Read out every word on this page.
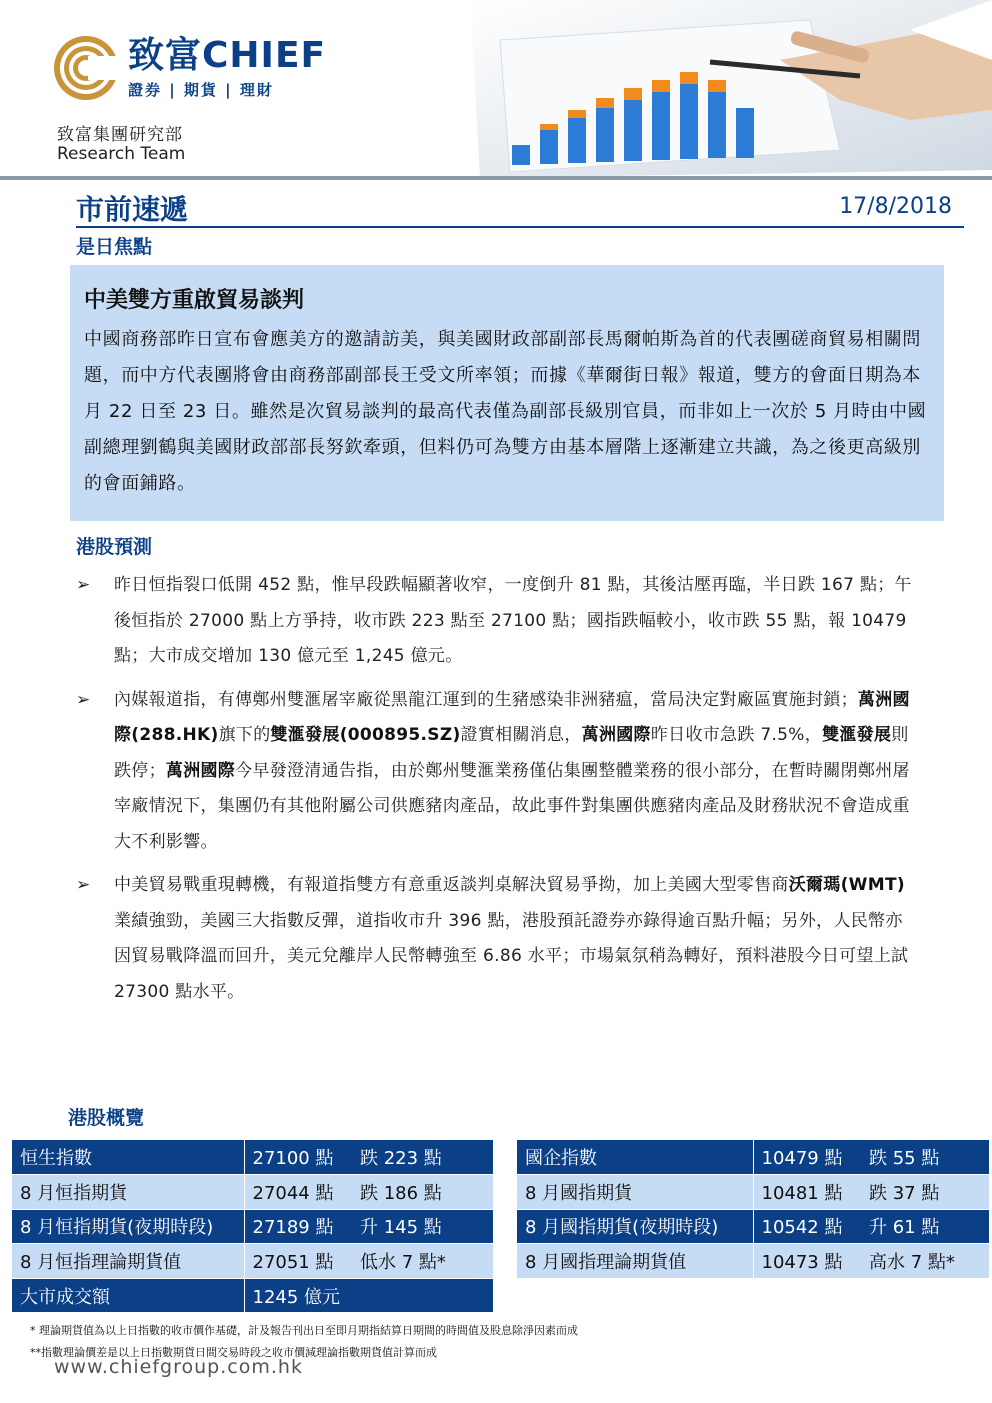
致富CHIEF
證券 | 期貨 | 理財
致富集團研究部
Research Team
市前速遞	17/8/2018
是日焦點
中美雙方重啟貿易談判
中國商務部昨日宣布會應美方的邀請訪美，與美國財政部副部長馬爾帕斯為首的代表團磋商貿易相關問題，而中方代表團將會由商務部副部長王受文所率領；而據《華爾街日報》報道，雙方的會面日期為本月 22 日至 23 日。雖然是次貿易談判的最高代表僅為副部長級別官員，而非如上一次於 5 月時由中國副總理劉鶴與美國財政部部長努欽牽頭，但料仍可為雙方由基本層階上逐漸建立共識，為之後更高級別的會面鋪路。
港股預測
➢ 昨日恒指裂口低開 452 點，惟早段跌幅顯著收窄，一度倒升 81 點，其後沽壓再臨，半日跌 167 點；午後恒指於 27000 點上方爭持，收市跌 223 點至 27100 點；國指跌幅較小，收市跌 55 點，報 10479 點；大市成交增加 130 億元至 1,245 億元。
➢ 內媒報道指，有傳鄭州雙滙屠宰廠從黑龍江運到的生豬感染非洲豬瘟，當局決定對廠區實施封鎖；萬洲國際(288.HK)旗下的雙滙發展(000895.SZ)證實相關消息，萬洲國際昨日收市急跌 7.5%，雙滙發展則跌停；萬洲國際今早發澄清通告指，由於鄭州雙滙業務僅佔集團整體業務的很小部分，在暫時關閉鄭州屠宰廠情況下，集團仍有其他附屬公司供應豬肉產品，故此事件對集團供應豬肉產品及財務狀況不會造成重大不利影響。
➢ 中美貿易戰重現轉機，有報道指雙方有意重返談判桌解決貿易爭拗，加上美國大型零售商沃爾瑪(WMT)業績強勁，美國三大指數反彈，道指收市升 396 點，港股預託證券亦錄得逾百點升幅；另外，人民幣亦因貿易戰降溫而回升，美元兌離岸人民幣轉強至 6.86 水平；市場氣氛稍為轉好，預料港股今日可望上試 27300 點水平。
港股概覽
恒生指數	27100 點	跌 223 點
8 月恒指期貨	27044 點	跌 186 點
8 月恒指期貨(夜期時段)	27189 點	升 145 點
8 月恒指理論期貨值	27051 點	低水 7 點*
大市成交額	1245 億元	
國企指數	10479 點	跌 55 點
8 月國指期貨	10481 點	跌 37 點
8 月國指期貨(夜期時段)	10542 點	升 61 點
8 月國指理論期貨值	10473 點	高水 7 點*
* 理論期貨值為以上日指數的收市價作基礎，計及報告刊出日至即月期指結算日期間的時間值及股息除淨因素而成
**指數理論價差是以上日指數期貨日間交易時段之收市價減理論指數期貨值計算而成
www.chiefgroup.com.hk
